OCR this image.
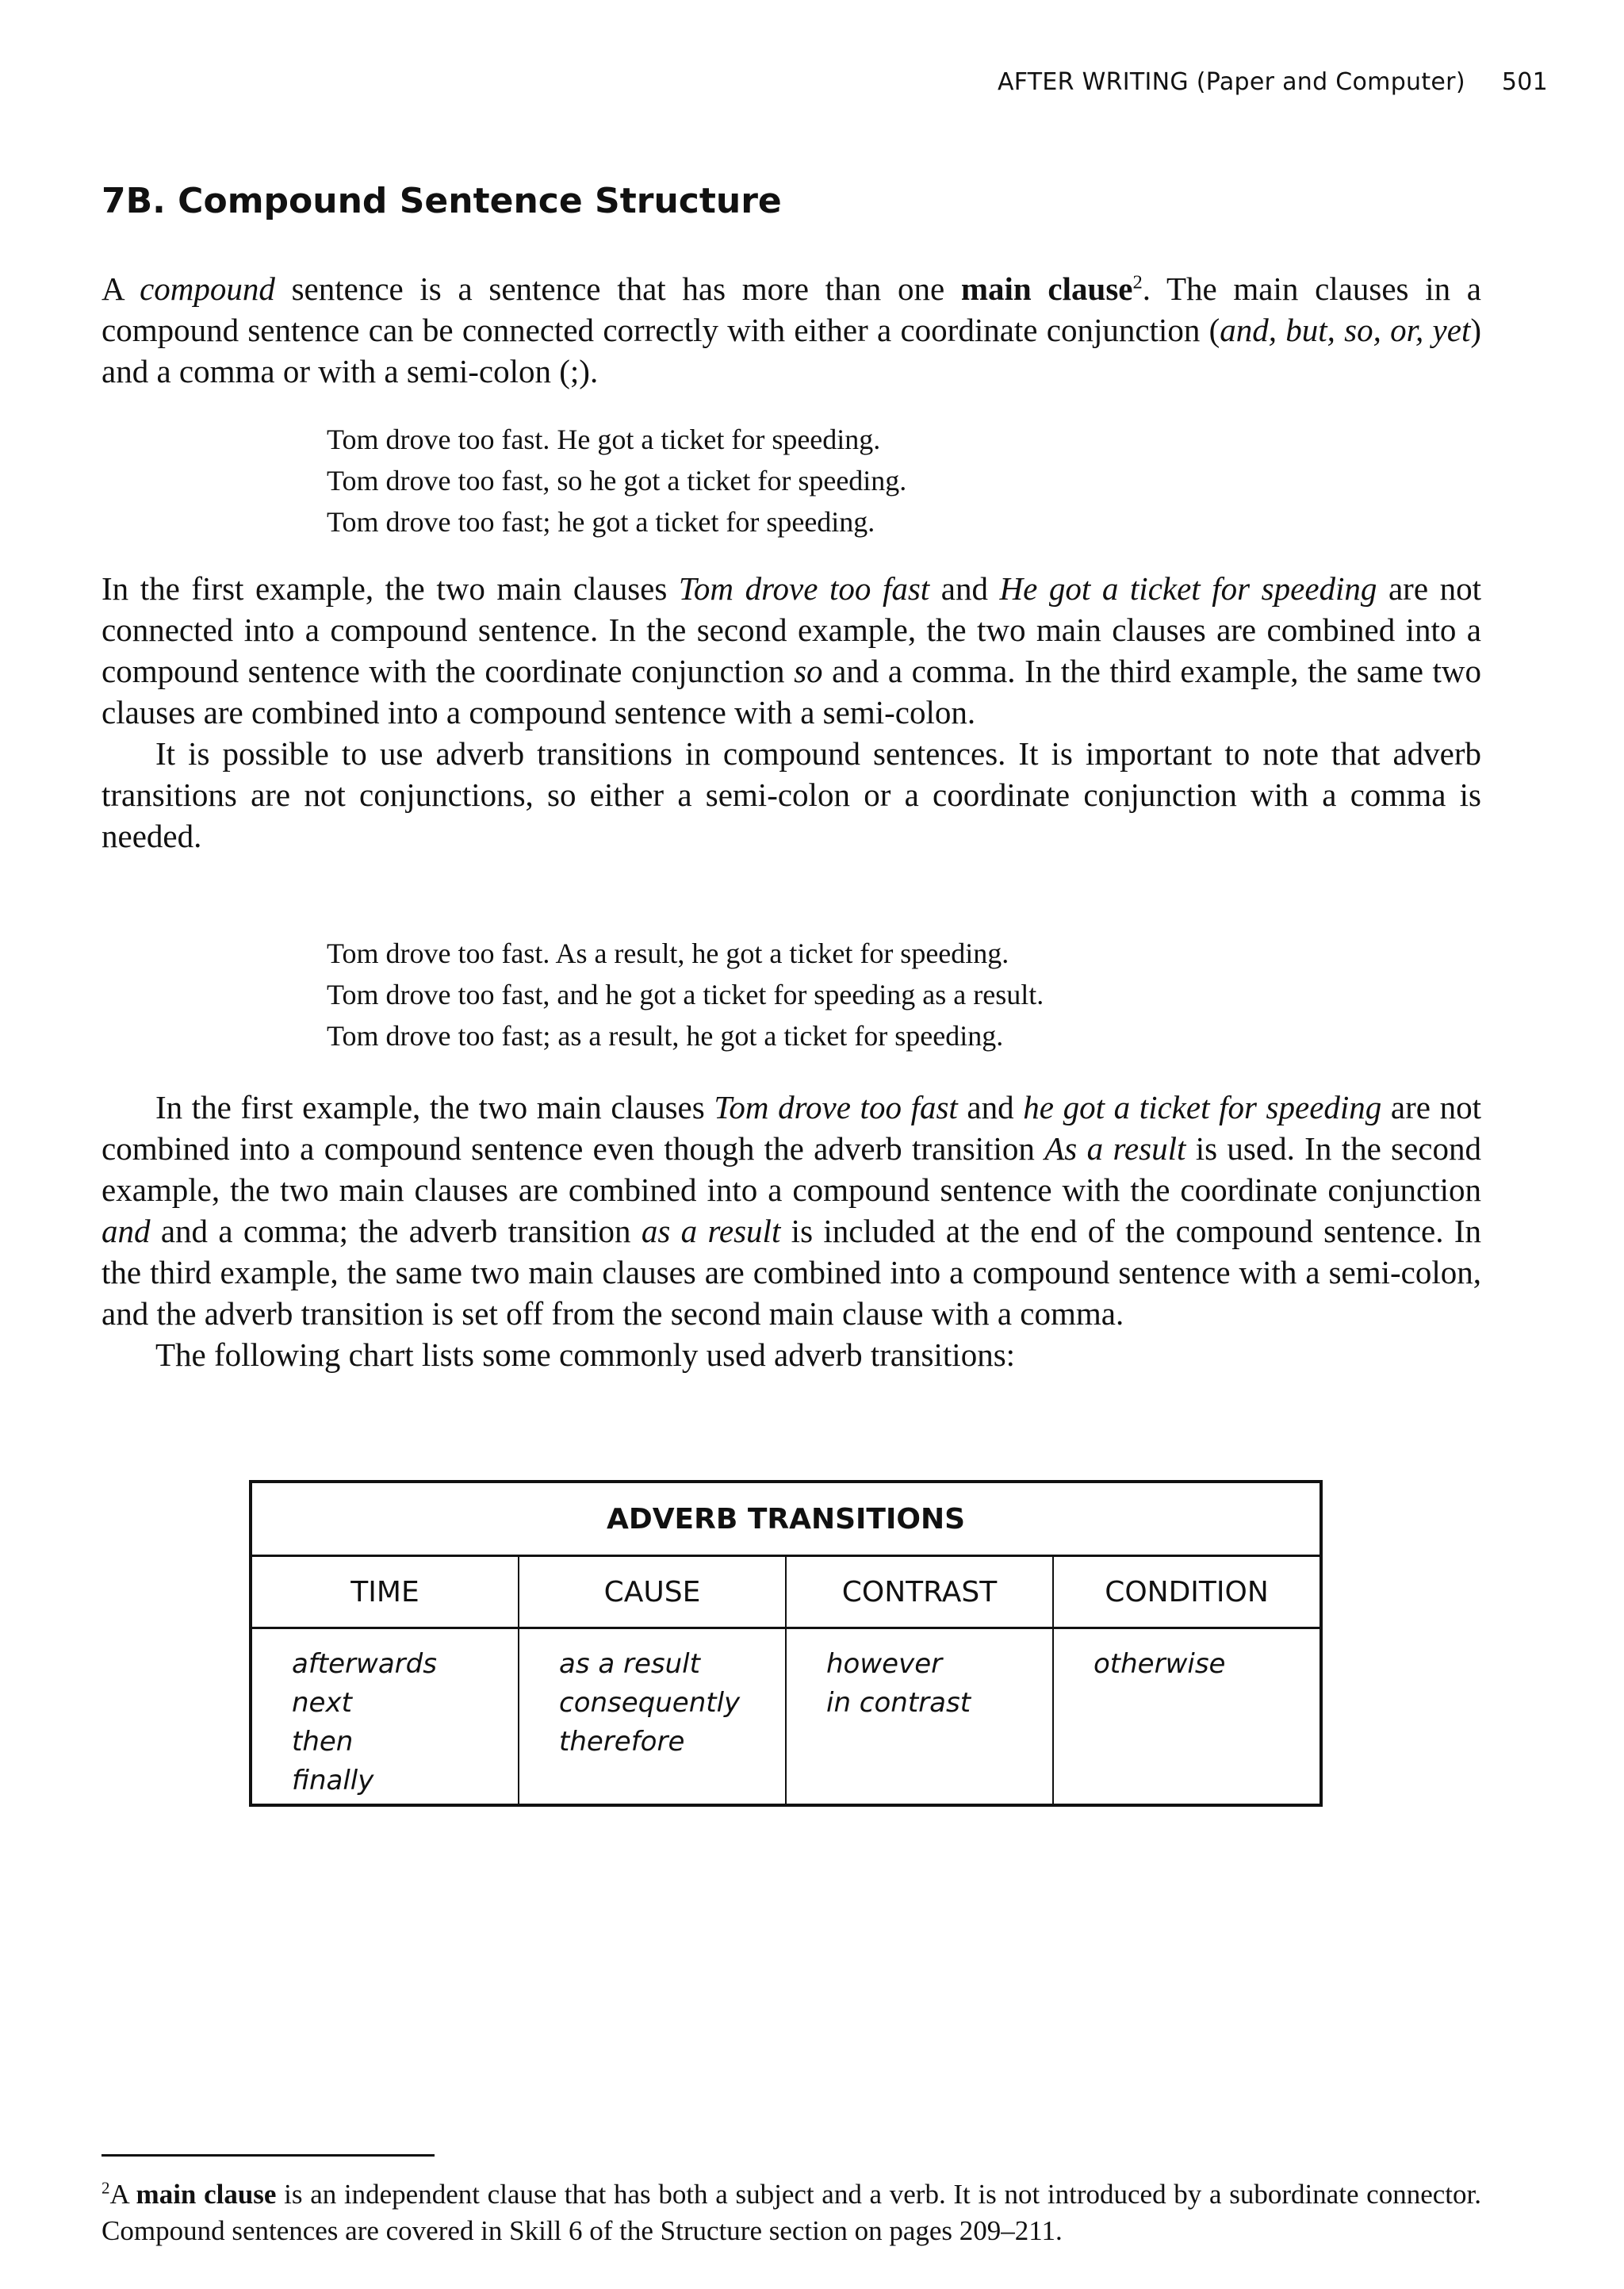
AFTER WRITING (Paper and Computer) 501
7B. Compound Sentence Structure

A compound sentence is a sentence that has more than one main clause$^2$. The main clauses in a compound sentence can be connected correctly with either a coordinate conjunction (and, but, so, or, yet) and a comma or with a semi-colon (;).

Tom drove too fast. He got a ticket for speeding.
Tom drove too fast, so he got a ticket for speeding.
Tom drove too fast; he got a ticket for speeding.

In the first example, the two main clauses Tom drove too fast and He got a ticket for speeding are not connected into a compound sentence. In the second example, the two main clauses are combined into a compound sentence with the coordinate conjunction so and a comma. In the third example, the same two clauses are combined into a compound sentence with a semi-colon.

It is possible to use adverb transitions in compound sentences. It is important to note that adverb transitions are not conjunctions, so either a semi-colon or a coordinate conjunction with a comma is needed.

Tom drove too fast. As a result, he got a ticket for speeding.
Tom drove too fast, and he got a ticket for speeding as a result.
Tom drove too fast; as a result, he got a ticket for speeding.

In the first example, the two main clauses Tom drove too fast and he got a ticket for speeding are not combined into a compound sentence even though the adverb transition As a result is used. In the second example, the two main clauses are combined into a compound sentence with the coordinate conjunction and and a comma; the adverb transition as a result is included at the end of the compound sentence. In the third example, the same two main clauses are combined into a compound sentence with a semi-colon, and the adverb transition is set off from the second main clause with a comma.

The following chart lists some commonly used adverb transitions:

ADVERB TRANSITIONS
TIME
afterwards
next
then
finally
CAUSE
as a result
consequently
therefore
CONTRAST
however
in contrast
CONDITION
otherwise

$^2$A main clause is an independent clause that has both a subject and a verb. It is not introduced by a subordinate connector. Compound sentences are covered in Skill 6 of the Structure section on pages 209–211.
